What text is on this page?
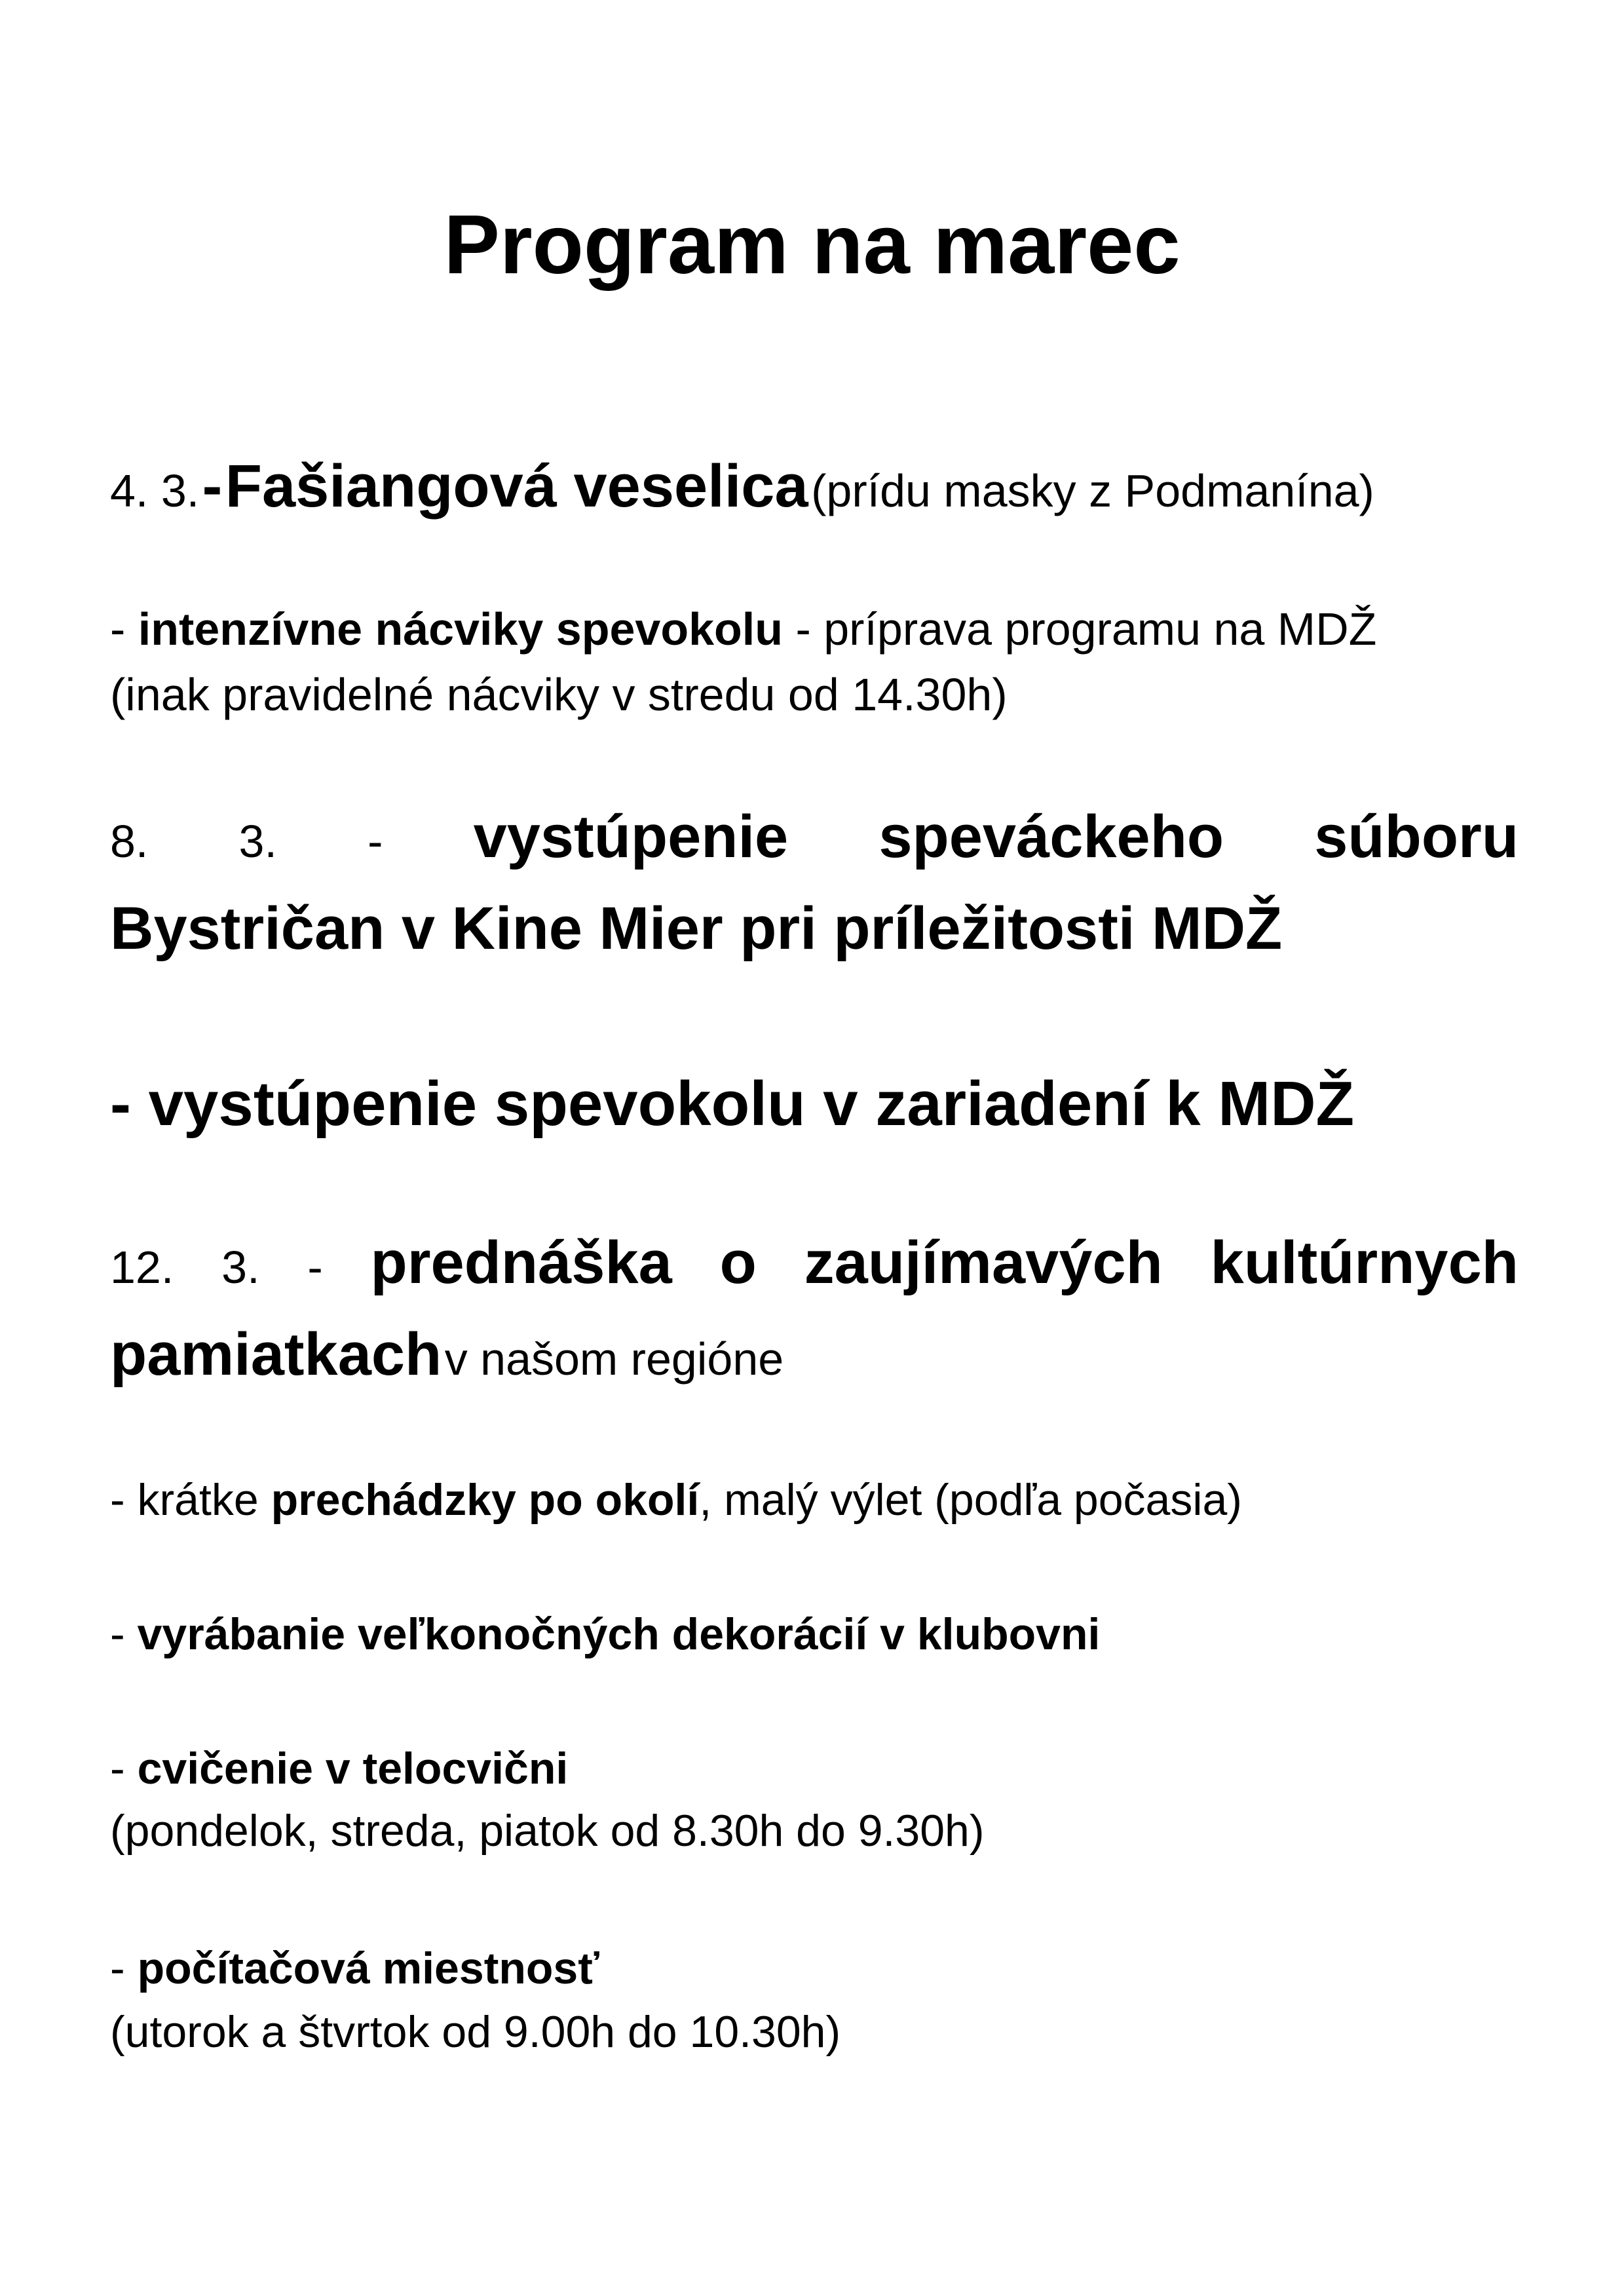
Program na marec

4. 3. - Fašiangová veselica (prídu masky z Podmanína)

- intenzívne nácviky spevokolu - príprava programu na MDŽ

(inak pravidelné nácviky v stredu od 14.30h)

8. 3. - vystúpenie speváckeho súboru

Bystričan v Kine Mier pri príležitosti MDŽ

- vystúpenie spevokolu v zariadení k MDŽ

12. 3. - prednáška o zaujímavých kultúrnych

pamiatkach v našom regióne

- krátke prechádzky po okolí, malý výlet (podľa počasia)

- vyrábanie veľkonočných dekorácií v klubovni

- cvičenie v telocvični

(pondelok, streda, piatok od 8.30h do 9.30h)

- počítačová miestnosť

(utorok a štvrtok od 9.00h do 10.30h)
